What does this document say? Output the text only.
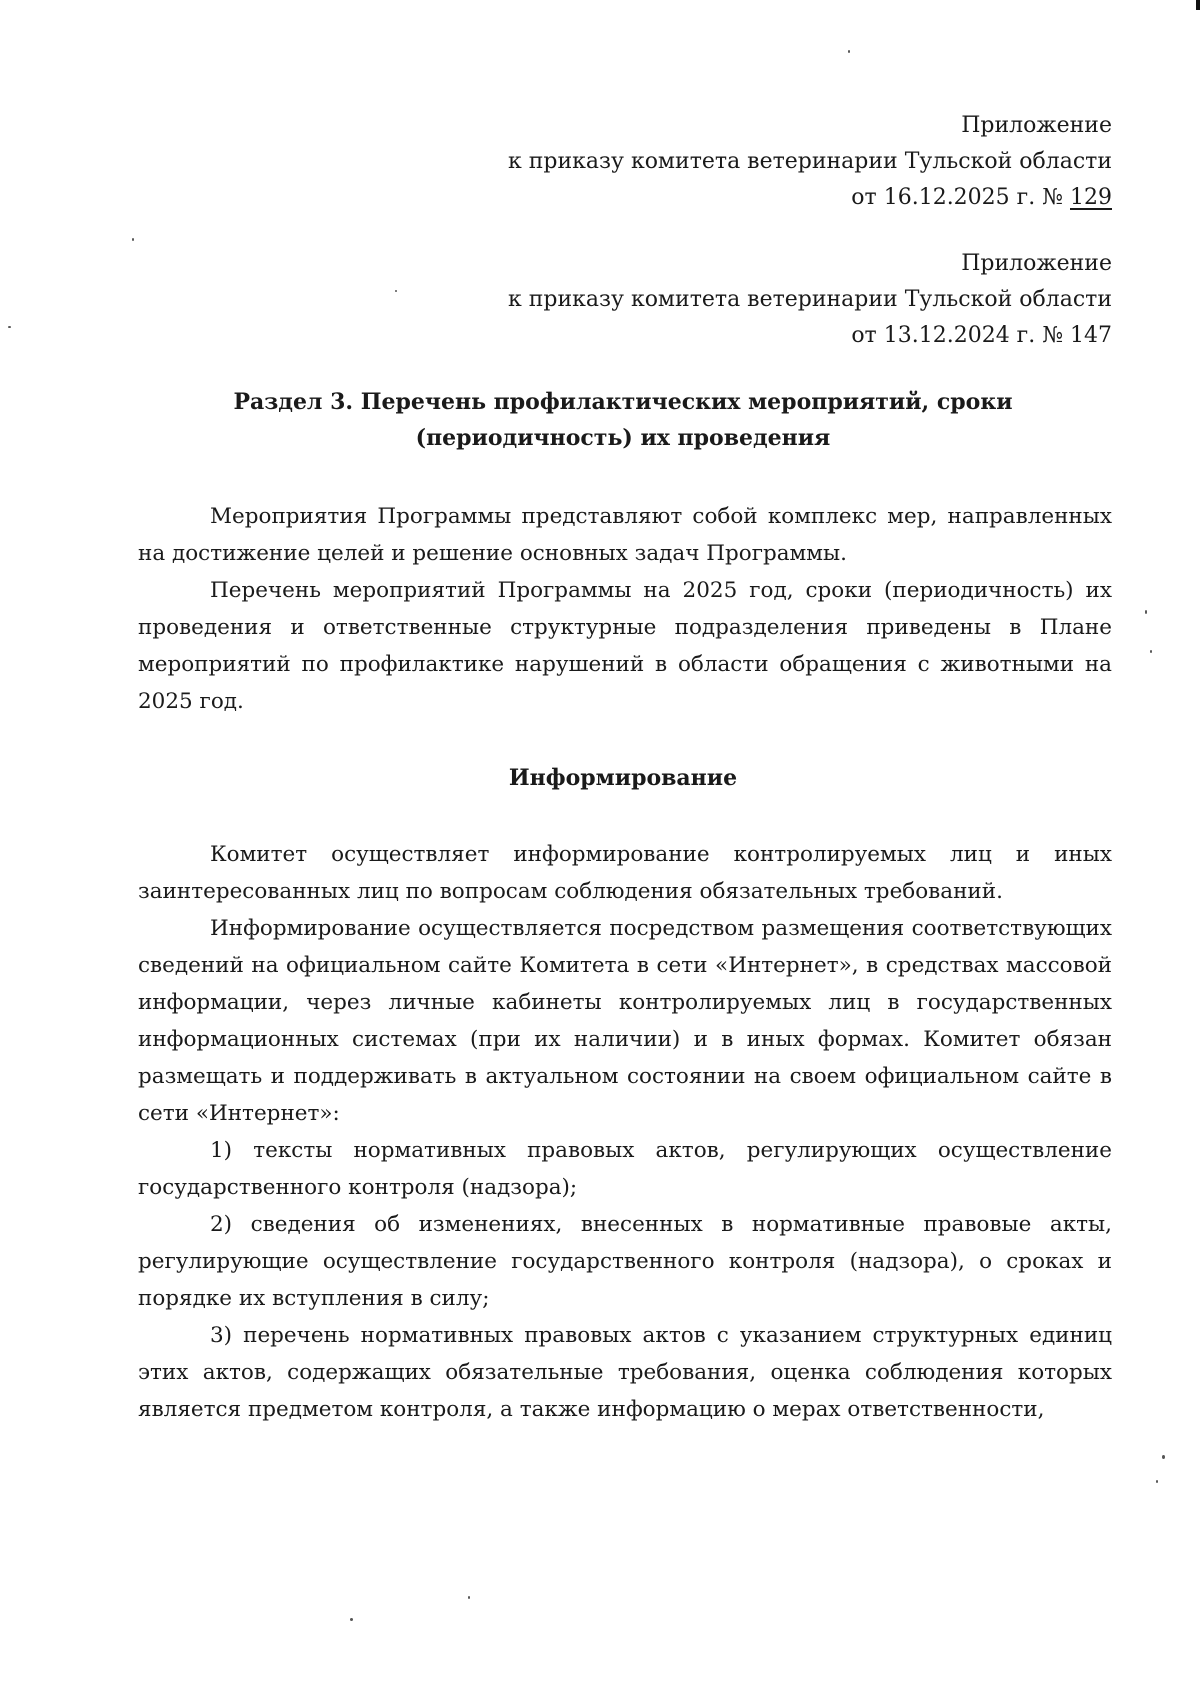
Приложение

к приказу комитета ветеринарии Тульской области

от 16.12.2025 г. № 129

Приложение

к приказу комитета ветеринарии Тульской области

от 13.12.2024 г. № 147

Раздел 3. Перечень профилактических мероприятий, сроки
(периодичность) их проведения

Мероприятия Программы представляют собой комплекс мер, направленных на достижение целей и решение основных задач Программы.

Перечень мероприятий Программы на 2025 год, сроки (периодичность) их проведения и ответственные структурные подразделения приведены в Плане мероприятий по профилактике нарушений в области обращения с животными на 2025 год.

Информирование

Комитет осуществляет информирование контролируемых лиц и иных заинтересованных лиц по вопросам соблюдения обязательных требований.

Информирование осуществляется посредством размещения соответствующих сведений на официальном сайте Комитета в сети «Интернет», в средствах массовой информации, через личные кабинеты контролируемых лиц в государственных информационных системах (при их наличии) и в иных формах. Комитет обязан размещать и поддерживать в актуальном состоянии на своем официальном сайте в сети «Интернет»:

1) тексты нормативных правовых актов, регулирующих осуществление государственного контроля (надзора);

2) сведения об изменениях, внесенных в нормативные правовые акты, регулирующие осуществление государственного контроля (надзора), о сроках и порядке их вступления в силу;

3) перечень нормативных правовых актов с указанием структурных единиц этих актов, содержащих обязательные требования, оценка соблюдения которых является предметом контроля, а также информацию о мерах ответственности,
